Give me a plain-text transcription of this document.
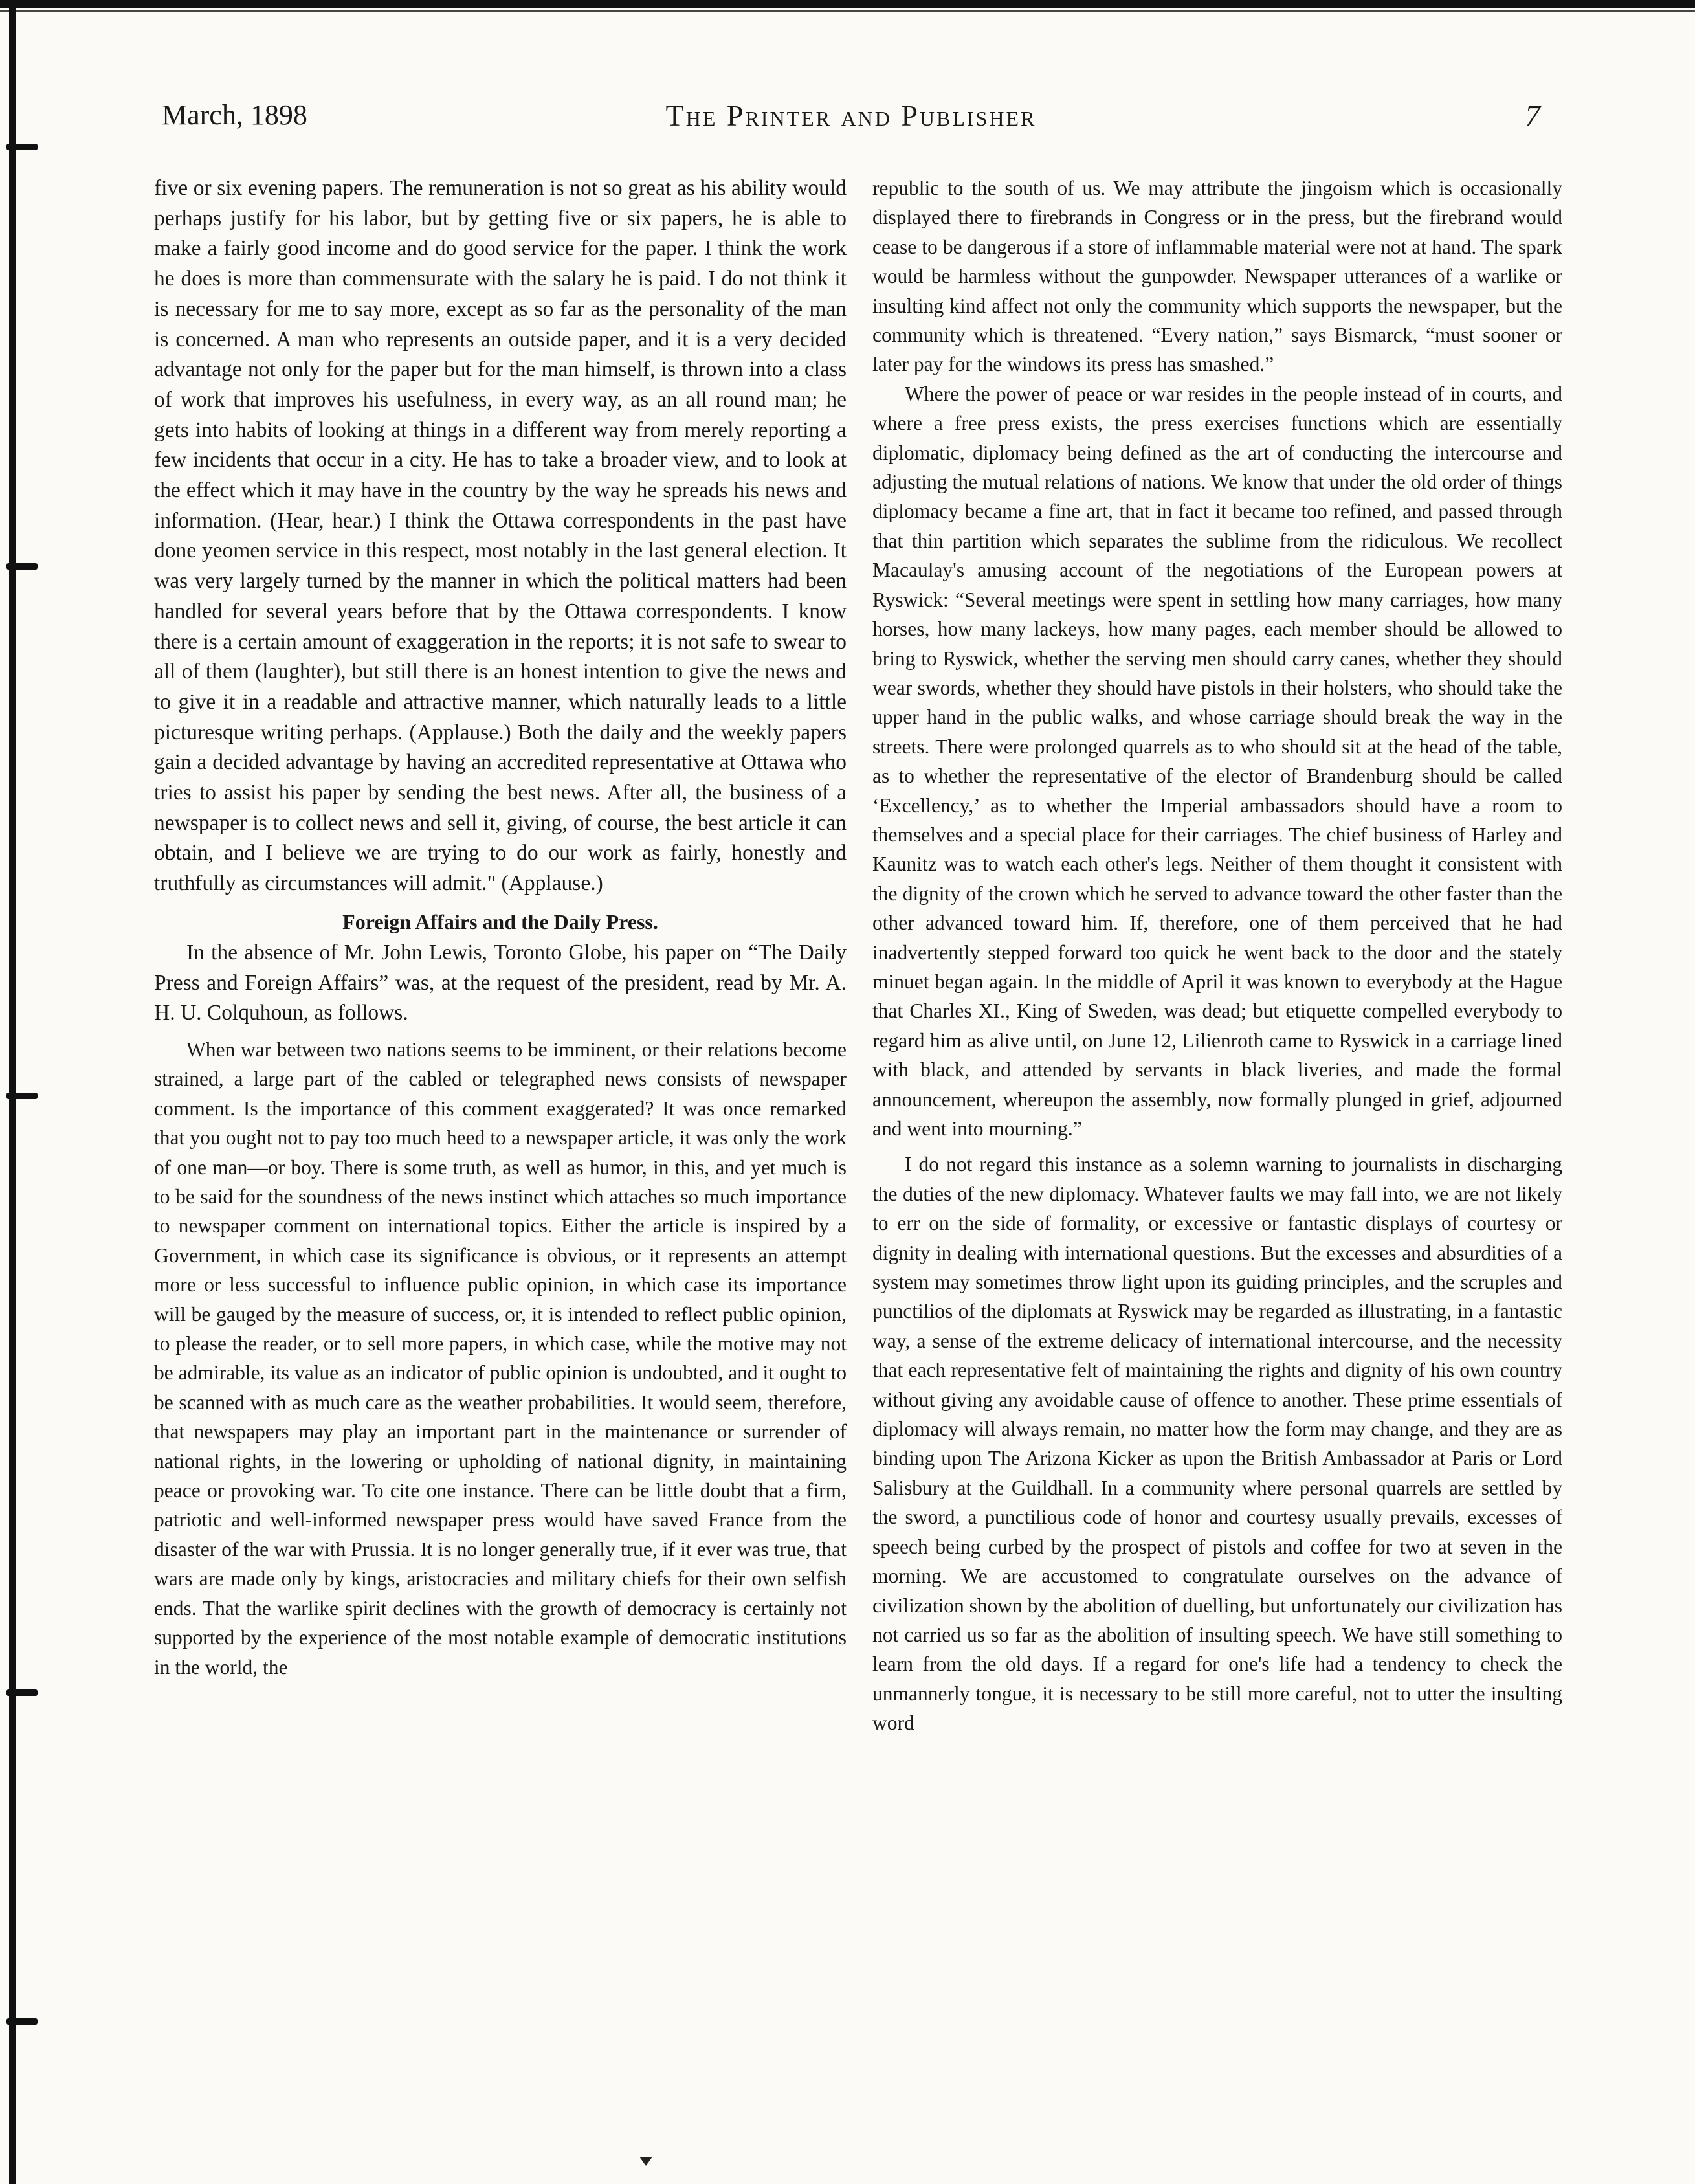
March, 1898	The Printer and Publisher	7

five or six evening papers. The remuneration is not so great as his ability would perhaps justify for his labor, but by getting five or six papers, he is able to make a fairly good income and do good service for the paper. I think the work he does is more than commensurate with the salary he is paid. I do not think it is necessary for me to say more, except as so far as the personality of the man is concerned. A man who represents an outside paper, and it is a very decided advantage not only for the paper but for the man himself, is thrown into a class of work that improves his usefulness, in every way, as an all round man; he gets into habits of looking at things in a different way from merely reporting a few incidents that occur in a city. He has to take a broader view, and to look at the effect which it may have in the country by the way he spreads his news and information. (Hear, hear.) I think the Ottawa correspondents in the past have done yeomen service in this respect, most notably in the last general election. It was very largely turned by the manner in which the political matters had been handled for several years before that by the Ottawa correspondents. I know there is a certain amount of exaggeration in the reports; it is not safe to swear to all of them (laughter), but still there is an honest intention to give the news and to give it in a readable and attractive manner, which naturally leads to a little picturesque writing perhaps. (Applause.) Both the daily and the weekly papers gain a decided advantage by having an accredited representative at Ottawa who tries to assist his paper by sending the best news. After all, the business of a newspaper is to collect news and sell it, giving, of course, the best article it can obtain, and I believe we are trying to do our work as fairly, honestly and truthfully as circumstances will admit." (Applause.)

Foreign Affairs and the Daily Press.

In the absence of Mr. John Lewis, Toronto Globe, his paper on “The Daily Press and Foreign Affairs” was, at the request of the president, read by Mr. A. H. U. Colquhoun, as follows.

When war between two nations seems to be imminent, or their relations become strained, a large part of the cabled or telegraphed news consists of newspaper comment. Is the importance of this comment exaggerated? It was once remarked that you ought not to pay too much heed to a newspaper article, it was only the work of one man—or boy. There is some truth, as well as humor, in this, and yet much is to be said for the soundness of the news instinct which attaches so much importance to newspaper comment on international topics. Either the article is inspired by a Government, in which case its significance is obvious, or it represents an attempt more or less successful to influence public opinion, in which case its importance will be gauged by the measure of success, or, it is intended to reflect public opinion, to please the reader, or to sell more papers, in which case, while the motive may not be admirable, its value as an indicator of public opinion is undoubted, and it ought to be scanned with as much care as the weather probabilities. It would seem, therefore, that newspapers may play an important part in the maintenance or surrender of national rights, in the lowering or upholding of national dignity, in maintaining peace or provoking war. To cite one instance. There can be little doubt that a firm, patriotic and well-informed newspaper press would have saved France from the disaster of the war with Prussia. It is no longer generally true, if it ever was true, that wars are made only by kings, aristocracies and military chiefs for their own selfish ends. That the warlike spirit declines with the growth of democracy is certainly not supported by the experience of the most notable example of democratic institutions in the world, the

republic to the south of us. We may attribute the jingoism which is occasionally displayed there to firebrands in Congress or in the press, but the firebrand would cease to be dangerous if a store of inflammable material were not at hand. The spark would be harmless without the gunpowder. Newspaper utterances of a warlike or insulting kind affect not only the community which supports the newspaper, but the community which is threatened. “Every nation,” says Bismarck, “must sooner or later pay for the windows its press has smashed.”

Where the power of peace or war resides in the people instead of in courts, and where a free press exists, the press exercises functions which are essentially diplomatic, diplomacy being defined as the art of conducting the intercourse and adjusting the mutual relations of nations. We know that under the old order of things diplomacy became a fine art, that in fact it became too refined, and passed through that thin partition which separates the sublime from the ridiculous. We recollect Macaulay's amusing account of the negotiations of the European powers at Ryswick: “Several meetings were spent in settling how many carriages, how many horses, how many lackeys, how many pages, each member should be allowed to bring to Ryswick, whether the serving men should carry canes, whether they should wear swords, whether they should have pistols in their holsters, who should take the upper hand in the public walks, and whose carriage should break the way in the streets. There were prolonged quarrels as to who should sit at the head of the table, as to whether the representative of the elector of Brandenburg should be called ‘Excellency,’ as to whether the Imperial ambassadors should have a room to themselves and a special place for their carriages. The chief business of Harley and Kaunitz was to watch each other's legs. Neither of them thought it consistent with the dignity of the crown which he served to advance toward the other faster than the other advanced toward him. If, therefore, one of them perceived that he had inadvertently stepped forward too quick he went back to the door and the stately minuet began again. In the middle of April it was known to everybody at the Hague that Charles XI., King of Sweden, was dead; but etiquette compelled everybody to regard him as alive until, on June 12, Lilienroth came to Ryswick in a carriage lined with black, and attended by servants in black liveries, and made the formal announcement, whereupon the assembly, now formally plunged in grief, adjourned and went into mourning.”

I do not regard this instance as a solemn warning to journalists in discharging the duties of the new diplomacy. Whatever faults we may fall into, we are not likely to err on the side of formality, or excessive or fantastic displays of courtesy or dignity in dealing with international questions. But the excesses and absurdities of a system may sometimes throw light upon its guiding principles, and the scruples and punctilios of the diplomats at Ryswick may be regarded as illustrating, in a fantastic way, a sense of the extreme delicacy of international intercourse, and the necessity that each representative felt of maintaining the rights and dignity of his own country without giving any avoidable cause of offence to another. These prime essentials of diplomacy will always remain, no matter how the form may change, and they are as binding upon The Arizona Kicker as upon the British Ambassador at Paris or Lord Salisbury at the Guildhall. In a community where personal quarrels are settled by the sword, a punctilious code of honor and courtesy usually prevails, excesses of speech being curbed by the prospect of pistols and coffee for two at seven in the morning. We are accustomed to congratulate ourselves on the advance of civilization shown by the abolition of duelling, but unfortunately our civilization has not carried us so far as the abolition of insulting speech. We have still something to learn from the old days. If a regard for one's life had a tendency to check the unmannerly tongue, it is necessary to be still more careful, not to utter the insulting word
